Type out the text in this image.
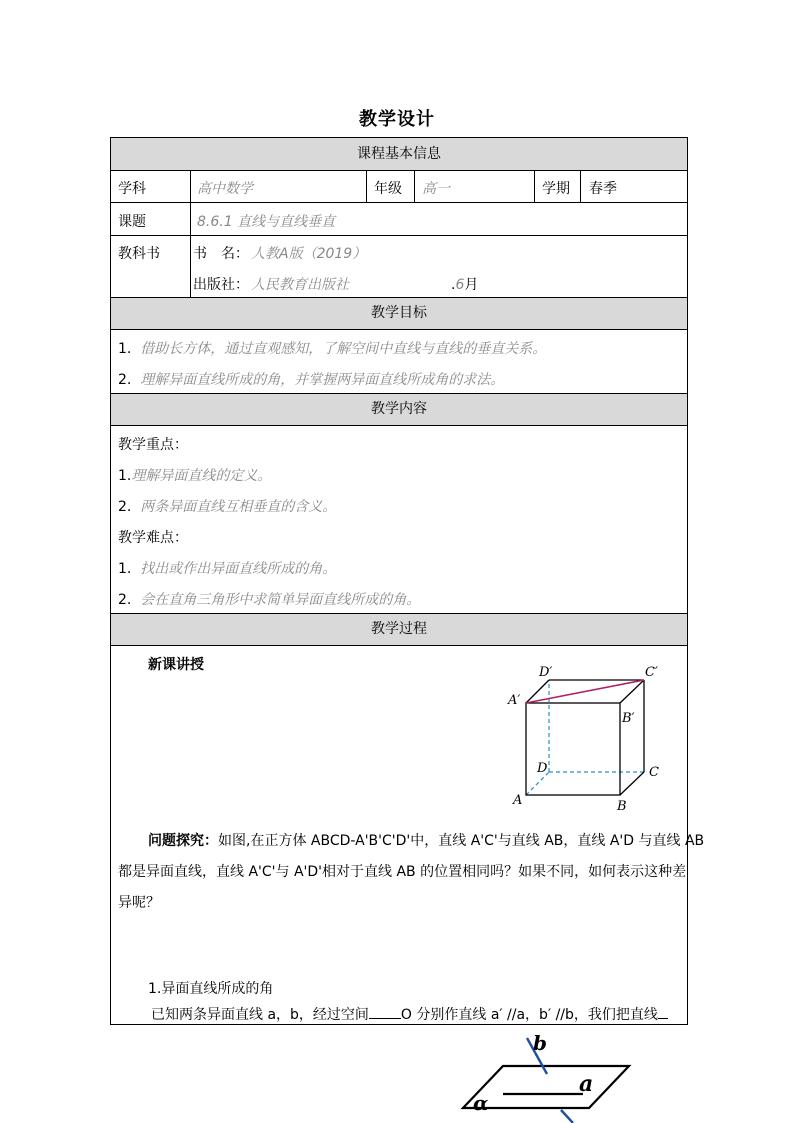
教学设计
课程基本信息
学科	高中数学	年级 高一	学期 春季
课题	8.6.1 直线与直线垂直
教科书 书　名： 人教A版（2019）
出版社： 人民教育出版社	.6月
教学目标
1. 借助长方体，通过直观感知，了解空间中直线与直线的垂直关系。
2. 理解异面直线所成的角，并掌握两异面直线所成角的求法。
教学内容
教学重点：
1.理解异面直线的定义。
2. 两条异面直线互相垂直的含义。
教学难点：
1. 找出或作出异面直线所成的角。
2. 会在直角三角形中求简单异面直线所成的角。
教学过程
新课讲授	D′	C′
A′
B′
D	C
A	B
问题探究：如图,在正方体 ABCD-A'B'C'D'中，直线 A'C'与直线 AB，直线 A'D 与直线 AB
都是异面直线，直线 A'C'与 A'D'相对于直线 AB 的位置相同吗？如果不同，如何表示这种差
异呢？
1.异面直线所成的角
已知两条异面直线 a，b，经过空间 O 分别作直线 a′ //a，b′ //b，我们把直线
b
a
α
